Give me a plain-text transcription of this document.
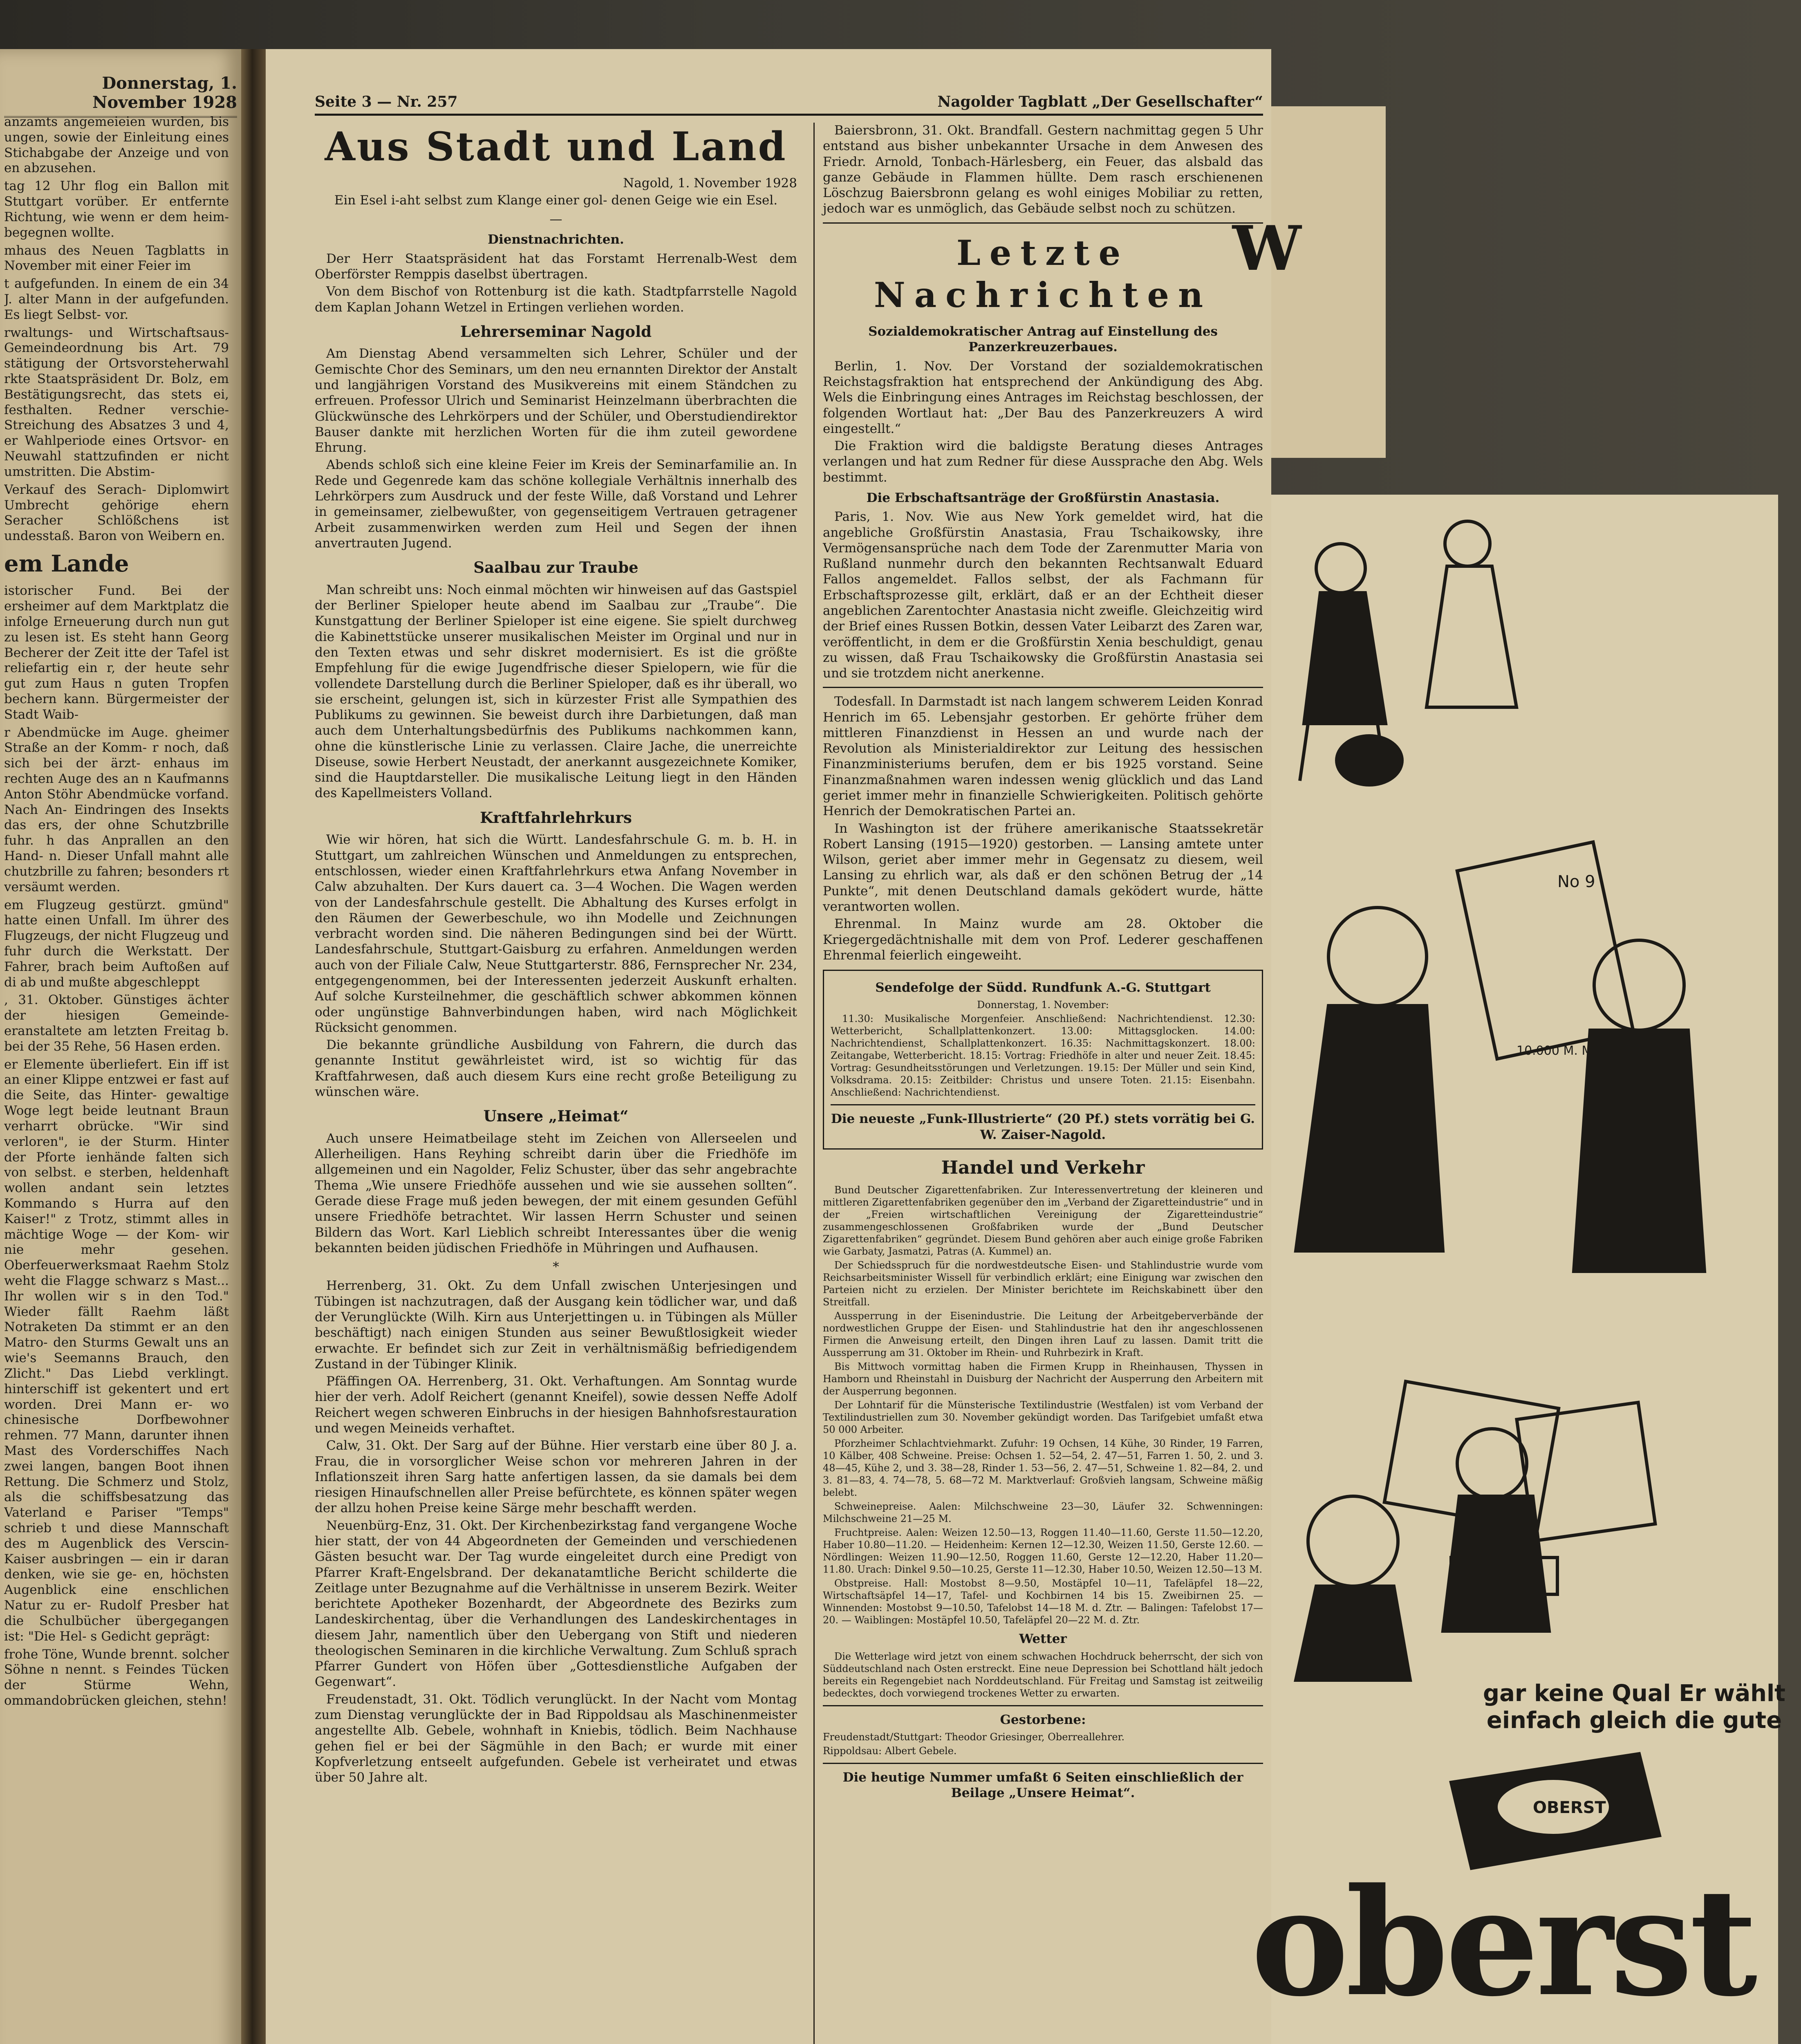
Donnerstag, 1. November 1928

anzamts angemeieien wurden, bis ungen, sowie der Einleitung eines Stichabgabe der Anzeige und von en abzusehen.

tag 12 Uhr flog ein Ballon mit Stuttgart vorüber. Er entfernte Richtung, wie wenn er dem heim- begegnen wollte.

mhaus des Neuen Tagblatts in November mit einer Feier im

t aufgefunden. In einem de ein 34 J. alter Mann in der aufgefunden. Es liegt Selbst- vor.

rwaltungs- und Wirtschaftsaus- Gemeindeordnung bis Art. 79 stätigung der Ortsvorsteherwahl rkte Staatspräsident Dr. Bolz, em Bestätigungsrecht, das stets ei, festhalten. Redner verschie- Streichung des Absatzes 3 und 4, er Wahlperiode eines Ortsvor- en Neuwahl stattzufinden er nicht umstritten. Die Abstim-

Verkauf des Serach- Diplomwirt Umbrecht gehörige ehern Seracher Schlößchens ist undesstaß. Baron von Weibern en.

em Lande

istorischer Fund. Bei der ersheimer auf dem Marktplatz die infolge Erneuerung durch nun gut zu lesen ist. Es steht hann Georg Becherer der Zeit itte der Tafel ist reliefartig ein r, der heute sehr gut zum Haus n guten Tropfen bechern kann. Bürgermeister der Stadt Waib-

r Abendmücke im Auge. gheimer Straße an der Komm- r noch, daß sich bei der ärzt- enhaus im rechten Auge des an n Kaufmanns Anton Stöhr Abendmücke vorfand. Nach An- Eindringen des Insekts das ers, der ohne Schutzbrille fuhr. h das Anprallen an den Hand- n. Dieser Unfall mahnt alle chutzbrille zu fahren; besonders rt versäumt werden.

em Flugzeug gestürzt. gmünd" hatte einen Unfall. Im ührer des Flugzeugs, der nicht Flugzeug und fuhr durch die Werkstatt. Der Fahrer, brach beim Auftoßen auf di ab und mußte abgeschleppt

, 31. Oktober. Günstiges ächter der hiesigen Gemeinde- eranstaltete am letzten Freitag b. bei der 35 Rehe, 56 Hasen erden.

er Elemente überliefert. Ein iff ist an einer Klippe entzwei er fast auf die Seite, das Hinter- gewaltige Woge legt beide leutnant Braun verharrt obrücke. "Wir sind verloren", ie der Sturm. Hinter der Pforte ienhände falten sich von selbst. e sterben, heldenhaft wollen andant sein letztes Kommando s Hurra auf den Kaiser!" z Trotz, stimmt alles in mächtige Woge — der Kom- wir nie mehr gesehen. Oberfeuerwerksmaat Raehm Stolz weht die Flagge schwarz s Mast... Ihr wollen wir s in den Tod." Wieder fällt Raehm läßt Notraketen Da stimmt er an den Matro- den Sturms Gewalt uns an wie's Seemanns Brauch, den Zlicht." Das Liebd verklingt. hinterschiff ist gekentert und ert worden. Drei Mann er- wo chinesische Dorfbewohner rehmen. 77 Mann, darunter ihnen Mast des Vorderschiffes Nach zwei langen, bangen Boot ihnen Rettung. Die Schmerz und Stolz, als die schiffsbesatzung das Vaterland e Pariser "Temps" schrieb t und diese Mannschaft des m Augenblick des Verscin- Kaiser ausbringen — ein ir daran denken, wie sie ge- en, höchsten Augenblick eine enschlichen Natur zu er- Rudolf Presber hat die Schulbücher übergegangen ist: "Die Hel- s Gedicht geprägt:

frohe Töne, Wunde brennt. solcher Söhne n nennt. s Feindes Tücken der Stürme Wehn, ommandobrücken gleichen, stehn!

Seite 3 — Nr. 257	Nagolder Tagblatt „Der Gesellschafter“
Aus Stadt und Land

Nagold, 1. November 1928

Ein Esel i-aht selbst zum Klange einer gol- denen Geige wie ein Esel.

—
Dienstnachrichten.

Der Herr Staatspräsident hat das Forstamt Herrenalb-West dem Oberförster Remppis daselbst übertragen.

Von dem Bischof von Rottenburg ist die kath. Stadtpfarrstelle Nagold dem Kaplan Johann Wetzel in Ertingen verliehen worden.

Lehrerseminar Nagold

Am Dienstag Abend versammelten sich Lehrer, Schüler und der Gemischte Chor des Seminars, um den neu ernannten Direktor der Anstalt und langjährigen Vorstand des Musikvereins mit einem Ständchen zu erfreuen. Professor Ulrich und Seminarist Heinzelmann überbrachten die Glückwünsche des Lehrkörpers und der Schüler, und Oberstudiendirektor Bauser dankte mit herzlichen Worten für die ihm zuteil gewordene Ehrung.

Abends schloß sich eine kleine Feier im Kreis der Seminarfamilie an. In Rede und Gegenrede kam das schöne kollegiale Verhältnis innerhalb des Lehrkörpers zum Ausdruck und der feste Wille, daß Vorstand und Lehrer in gemeinsamer, zielbewußter, von gegenseitigem Vertrauen getragener Arbeit zusammenwirken werden zum Heil und Segen der ihnen anvertrauten Jugend.

Saalbau zur Traube

Man schreibt uns: Noch einmal möchten wir hinweisen auf das Gastspiel der Berliner Spieloper heute abend im Saalbau zur „Traube“. Die Kunstgattung der Berliner Spieloper ist eine eigene. Sie spielt durchweg die Kabinettstücke unserer musikalischen Meister im Orginal und nur in den Texten etwas und sehr diskret modernisiert. Es ist die größte Empfehlung für die ewige Jugendfrische dieser Spielopern, wie für die vollendete Darstellung durch die Berliner Spieloper, daß es ihr überall, wo sie erscheint, gelungen ist, sich in kürzester Frist alle Sympathien des Publikums zu gewinnen. Sie beweist durch ihre Darbietungen, daß man auch dem Unterhaltungsbedürfnis des Publikums nachkommen kann, ohne die künstlerische Linie zu verlassen. Claire Jache, die unerreichte Diseuse, sowie Herbert Neustadt, der anerkannt ausgezeichnete Komiker, sind die Hauptdarsteller. Die musikalische Leitung liegt in den Händen des Kapellmeisters Volland.

Kraftfahrlehrkurs

Wie wir hören, hat sich die Württ. Landesfahrschule G. m. b. H. in Stuttgart, um zahlreichen Wünschen und Anmeldungen zu entsprechen, entschlossen, wieder einen Kraftfahrlehrkurs etwa Anfang November in Calw abzuhalten. Der Kurs dauert ca. 3—4 Wochen. Die Wagen werden von der Landesfahrschule gestellt. Die Abhaltung des Kurses erfolgt in den Räumen der Gewerbeschule, wo ihn Modelle und Zeichnungen verbracht worden sind. Die näheren Bedingungen sind bei der Württ. Landesfahrschule, Stuttgart-Gaisburg zu erfahren. Anmeldungen werden auch von der Filiale Calw, Neue Stuttgarterstr. 886, Fernsprecher Nr. 234, entgegengenommen, bei der Interessenten jederzeit Auskunft erhalten. Auf solche Kursteilnehmer, die geschäftlich schwer abkommen können oder ungünstige Bahnverbindungen haben, wird nach Möglichkeit Rücksicht genommen.

Die bekannte gründliche Ausbildung von Fahrern, die durch das genannte Institut gewährleistet wird, ist so wichtig für das Kraftfahrwesen, daß auch diesem Kurs eine recht große Beteiligung zu wünschen wäre.

Unsere „Heimat“

Auch unsere Heimatbeilage steht im Zeichen von Allerseelen und Allerheiligen. Hans Reyhing schreibt darin über die Friedhöfe im allgemeinen und ein Nagolder, Feliz Schuster, über das sehr angebrachte Thema „Wie unsere Friedhöfe aussehen und wie sie aussehen sollten“. Gerade diese Frage muß jeden bewegen, der mit einem gesunden Gefühl unsere Friedhöfe betrachtet. Wir lassen Herrn Schuster und seinen Bildern das Wort. Karl Lieblich schreibt Interessantes über die wenig bekannten beiden jüdischen Friedhöfe in Mühringen und Aufhausen.

*

Herrenberg, 31. Okt. Zu dem Unfall zwischen Unterjesingen und Tübingen ist nachzutragen, daß der Ausgang kein tödlicher war, und daß der Verunglückte (Wilh. Kirn aus Unterjettingen u. in Tübingen als Müller beschäftigt) nach einigen Stunden aus seiner Bewußtlosigkeit wieder erwachte. Er befindet sich zur Zeit in verhältnismäßig befriedigendem Zustand in der Tübinger Klinik.

Pfäffingen OA. Herrenberg, 31. Okt. Verhaftungen. Am Sonntag wurde hier der verh. Adolf Reichert (genannt Kneifel), sowie dessen Neffe Adolf Reichert wegen schweren Einbruchs in der hiesigen Bahnhofsrestauration und wegen Meineids verhaftet.

Calw, 31. Okt. Der Sarg auf der Bühne. Hier verstarb eine über 80 J. a. Frau, die in vorsorglicher Weise schon vor mehreren Jahren in der Inflationszeit ihren Sarg hatte anfertigen lassen, da sie damals bei dem riesigen Hinaufschnellen aller Preise befürchtete, es können später wegen der allzu hohen Preise keine Särge mehr beschafft werden.

Neuenbürg-Enz, 31. Okt. Der Kirchenbezirkstag fand vergangene Woche hier statt, der von 44 Abgeordneten der Gemeinden und verschiedenen Gästen besucht war. Der Tag wurde eingeleitet durch eine Predigt von Pfarrer Kraft-Engelsbrand. Der dekanatamtliche Bericht schilderte die Zeitlage unter Bezugnahme auf die Verhältnisse in unserem Bezirk. Weiter berichtete Apotheker Bozenhardt, der Abgeordnete des Bezirks zum Landeskirchentag, über die Verhandlungen des Landeskirchentages in diesem Jahr, namentlich über den Uebergang von Stift und niederen theologischen Seminaren in die kirchliche Verwaltung. Zum Schluß sprach Pfarrer Gundert von Höfen über „Gottesdienstliche Aufgaben der Gegenwart“.

Freudenstadt, 31. Okt. Tödlich verunglückt. In der Nacht vom Montag zum Dienstag verunglückte der in Bad Rippoldsau als Maschinenmeister angestellte Alb. Gebele, wohnhaft in Kniebis, tödlich. Beim Nachhause gehen fiel er bei der Sägmühle in den Bach; er wurde mit einer Kopfverletzung entseelt aufgefunden. Gebele ist verheiratet und etwas über 50 Jahre alt.

Baiersbronn, 31. Okt. Brandfall. Gestern nachmittag gegen 5 Uhr entstand aus bisher unbekannter Ursache in dem Anwesen des Friedr. Arnold, Tonbach-Härlesberg, ein Feuer, das alsbald das ganze Gebäude in Flammen hüllte. Dem rasch erschienenen Löschzug Baiersbronn gelang es wohl einiges Mobiliar zu retten, jedoch war es unmöglich, das Gebäude selbst noch zu schützen.

Letzte Nachrichten
Sozialdemokratischer Antrag auf Einstellung des Panzerkreuzerbaues.

Berlin, 1. Nov. Der Vorstand der sozialdemokratischen Reichstagsfraktion hat entsprechend der Ankündigung des Abg. Wels die Einbringung eines Antrages im Reichstag beschlossen, der folgenden Wortlaut hat: „Der Bau des Panzerkreuzers A wird eingestellt.“

Die Fraktion wird die baldigste Beratung dieses Antrages verlangen und hat zum Redner für diese Aussprache den Abg. Wels bestimmt.

Die Erbschaftsanträge der Großfürstin Anastasia.

Paris, 1. Nov. Wie aus New York gemeldet wird, hat die angebliche Großfürstin Anastasia, Frau Tschaikowsky, ihre Vermögensansprüche nach dem Tode der Zarenmutter Maria von Rußland nunmehr durch den bekannten Rechtsanwalt Eduard Fallos angemeldet. Fallos selbst, der als Fachmann für Erbschaftsprozesse gilt, erklärt, daß er an der Echtheit dieser angeblichen Zarentochter Anastasia nicht zweifle. Gleichzeitig wird der Brief eines Russen Botkin, dessen Vater Leibarzt des Zaren war, veröffentlicht, in dem er die Großfürstin Xenia beschuldigt, genau zu wissen, daß Frau Tschaikowsky die Großfürstin Anastasia sei und sie trotzdem nicht anerkenne.

Todesfall. In Darmstadt ist nach langem schwerem Leiden Konrad Henrich im 65. Lebensjahr gestorben. Er gehörte früher dem mittleren Finanzdienst in Hessen an und wurde nach der Revolution als Ministerialdirektor zur Leitung des hessischen Finanzministeriums berufen, dem er bis 1925 vorstand. Seine Finanzmaßnahmen waren indessen wenig glücklich und das Land geriet immer mehr in finanzielle Schwierigkeiten. Politisch gehörte Henrich der Demokratischen Partei an.

In Washington ist der frühere amerikanische Staatssekretär Robert Lansing (1915—1920) gestorben. — Lansing amtete unter Wilson, geriet aber immer mehr in Gegensatz zu diesem, weil Lansing zu ehrlich war, als daß er den schönen Betrug der „14 Punkte“, mit denen Deutschland damals geködert wurde, hätte verantworten wollen.

Ehrenmal. In Mainz wurde am 28. Oktober die Kriegergedächtnishalle mit dem von Prof. Lederer geschaffenen Ehrenmal feierlich eingeweiht.

Sendefolge der Südd. Rundfunk A.-G. Stuttgart

Donnerstag, 1. November:

11.30: Musikalische Morgenfeier. Anschließend: Nachrichtendienst. 12.30: Wetterbericht, Schallplattenkonzert. 13.00: Mittagsglocken. 14.00: Nachrichtendienst, Schallplattenkonzert. 16.35: Nachmittagskonzert. 18.00: Zeitangabe, Wetterbericht. 18.15: Vortrag: Friedhöfe in alter und neuer Zeit. 18.45: Vortrag: Gesundheitsstörungen und Verletzungen. 19.15: Der Müller und sein Kind, Volksdrama. 20.15: Zeitbilder: Christus und unsere Toten. 21.15: Eisenbahn. Anschließend: Nachrichtendienst.

Die neueste „Funk-Illustrierte“ (20 Pf.) stets vorrätig bei G. W. Zaiser-Nagold.

Handel und Verkehr

Bund Deutscher Zigarettenfabriken. Zur Interessenvertretung der kleineren und mittleren Zigarettenfabriken gegenüber den im „Verband der Zigaretteindustrie“ und in der „Freien wirtschaftlichen Vereinigung der Zigaretteindustrie“ zusammengeschlossenen Großfabriken wurde der „Bund Deutscher Zigarettenfabriken“ gegründet. Diesem Bund gehören aber auch einige große Fabriken wie Garbaty, Jasmatzi, Patras (A. Kummel) an.

Der Schiedsspruch für die nordwestdeutsche Eisen- und Stahlindustrie wurde vom Reichsarbeitsminister Wissell für verbindlich erklärt; eine Einigung war zwischen den Parteien nicht zu erzielen. Der Minister berichtete im Reichskabinett über den Streitfall.

Aussperrung in der Eisenindustrie. Die Leitung der Arbeitgeberverbände der nordwestlichen Gruppe der Eisen- und Stahlindustrie hat den ihr angeschlossenen Firmen die Anweisung erteilt, den Dingen ihren Lauf zu lassen. Damit tritt die Aussperrung am 31. Oktober im Rhein- und Ruhrbezirk in Kraft.

Bis Mittwoch vormittag haben die Firmen Krupp in Rheinhausen, Thyssen in Hamborn und Rheinstahl in Duisburg der Nachricht der Ausperrung den Arbeitern mit der Ausperrung begonnen.

Der Lohntarif für die Münsterische Textilindustrie (Westfalen) ist vom Verband der Textilindustriellen zum 30. November gekündigt worden. Das Tarifgebiet umfaßt etwa 50 000 Arbeiter.

Pforzheimer Schlachtviehmarkt. Zufuhr: 19 Ochsen, 14 Kühe, 30 Rinder, 19 Farren, 10 Kälber, 408 Schweine. Preise: Ochsen 1. 52—54, 2. 47—51, Farren 1. 50, 2. und 3. 48—45, Kühe 2, und 3. 38—28, Rinder 1. 53—56, 2. 47—51, Schweine 1. 82—84, 2. und 3. 81—83, 4. 74—78, 5. 68—72 M. Marktverlauf: Großvieh langsam, Schweine mäßig belebt.

Schweinepreise. Aalen: Milchschweine 23—30, Läufer 32. Schwenningen: Milchschweine 21—25 M.

Fruchtpreise. Aalen: Weizen 12.50—13, Roggen 11.40—11.60, Gerste 11.50—12.20, Haber 10.80—11.20. — Heidenheim: Kernen 12—12.30, Weizen 11.50, Gerste 12.60. — Nördlingen: Weizen 11.90—12.50, Roggen 11.60, Gerste 12—12.20, Haber 11.20—11.80. Urach: Dinkel 9.50—10.25, Gerste 11—12.30, Haber 10.50, Weizen 12.50—13 M.

Obstpreise. Hall: Mostobst 8—9.50, Mostäpfel 10—11, Tafeläpfel 18—22, Wirtschaftsäpfel 14—17, Tafel- und Kochbirnen 14 bis 15. Zweibirnen 25. — Winnenden: Mostobst 9—10.50, Tafelobst 14—18 M. d. Ztr. — Balingen: Tafelobst 17—20. — Waiblingen: Mostäpfel 10.50, Tafeläpfel 20—22 M. d. Ztr.

Wetter

Die Wetterlage wird jetzt von einem schwachen Hochdruck beherrscht, der sich von Süddeutschland nach Osten erstreckt. Eine neue Depression bei Schottland hält jedoch bereits ein Regengebiet nach Norddeutschland. Für Freitag und Samstag ist zeitweilig bedecktes, doch vorwiegend trockenes Wetter zu erwarten.

Gestorbene:

Freudenstadt/Stuttgart: Theodor Griesinger, Oberreallehrer.

Rippoldsau: Albert Gebele.

Die heutige Nummer umfaßt 6 Seiten einschließlich der Beilage „Unsere Heimat“.

W
No 9
10.000 M. MITGIFT
OBERST
gar keine Qual Er wählt einfach gleich die gute
oberst
